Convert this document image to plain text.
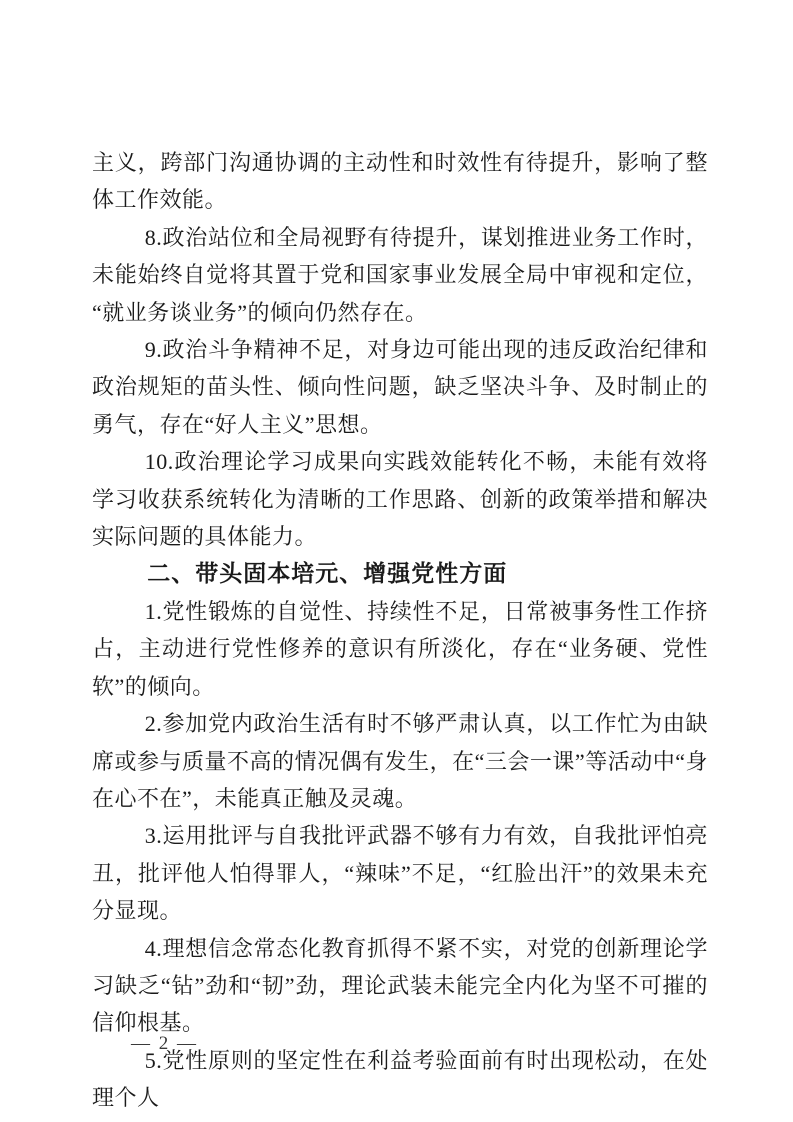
主义，跨部门沟通协调的主动性和时效性有待提升，影响了整体工作效能。

8.政治站位和全局视野有待提升，谋划推进业务工作时，未能始终自觉将其置于党和国家事业发展全局中审视和定位，“就业务谈业务”的倾向仍然存在。

9.政治斗争精神不足，对身边可能出现的违反政治纪律和政治规矩的苗头性、倾向性问题，缺乏坚决斗争、及时制止的勇气，存在“好人主义”思想。

10.政治理论学习成果向实践效能转化不畅，未能有效将学习收获系统转化为清晰的工作思路、创新的政策举措和解决实际问题的具体能力。

二、带头固本培元、增强党性方面

1.党性锻炼的自觉性、持续性不足，日常被事务性工作挤占，主动进行党性修养的意识有所淡化，存在“业务硬、党性软”的倾向。

2.参加党内政治生活有时不够严肃认真，以工作忙为由缺席或参与质量不高的情况偶有发生，在“三会一课”等活动中“身在心不在”，未能真正触及灵魂。

3.运用批评与自我批评武器不够有力有效，自我批评怕亮丑，批评他人怕得罪人，“辣味”不足，“红脸出汗”的效果未充分显现。

4.理想信念常态化教育抓得不紧不实，对党的创新理论学习缺乏“钻”劲和“韧”劲，理论武装未能完全内化为坚不可摧的信仰根基。

5.党性原则的坚定性在利益考验面前有时出现松动，在处理个人

— 2 —
